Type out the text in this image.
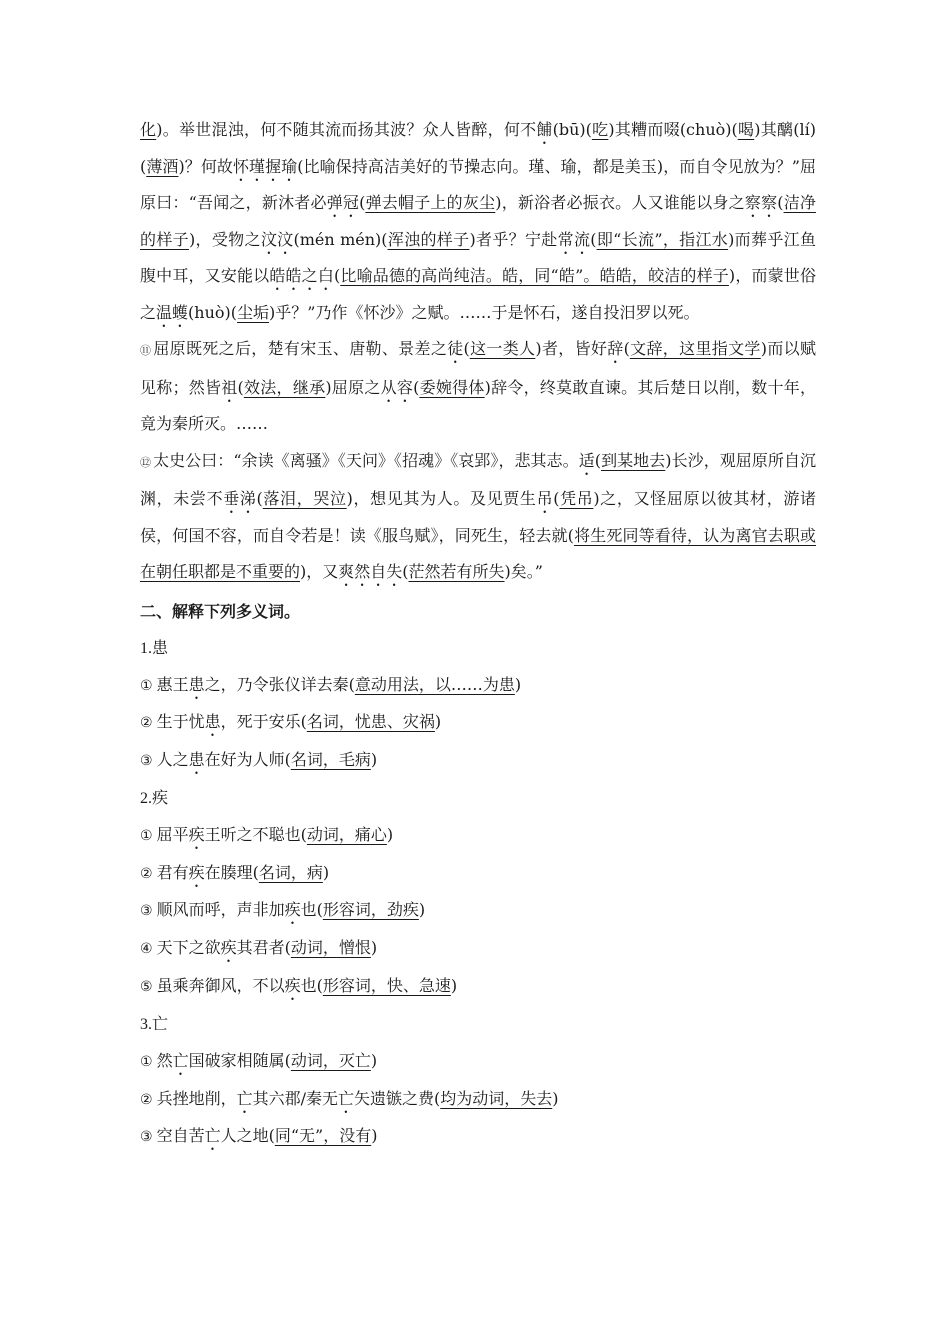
化)。举世混浊，何不随其流而扬其波？众人皆醉，何不餔(bū)(吃)其糟而啜(chuò)(喝)其醨(lí)(薄酒)？何故怀瑾握瑜(比喻保持高洁美好的节操志向。瑾、瑜，都是美玉)，而自令见放为？”屈原曰：“吾闻之，新沐者必弹冠(弹去帽子上的灰尘)，新浴者必振衣。人又谁能以身之察察(洁净的样子)，受物之汶汶(mén mén)(浑浊的样子)者乎？宁赴常流(即“长流”，指江水)而葬乎江鱼腹中耳，又安能以皓皓之白(比喻品德的高尚纯洁。皓，同“皓”。皓皓，皎洁的样子)，而蒙世俗之温蠖(huò)(尘垢)乎？”乃作《怀沙》之赋。……于是怀石，遂自投汨罗以死。

⑪ 屈原既死之后，楚有宋玉、唐勒、景差之徒(这一类人)者，皆好辞(文辞，这里指文学)而以赋见称；然皆祖(效法，继承)屈原之从容(委婉得体)辞令，终莫敢直谏。其后楚日以削，数十年，竟为秦所灭。……

⑫ 太史公曰：“余读《离骚》《天问》《招魂》《哀郢》，悲其志。适(到某地去)长沙，观屈原所自沉渊，未尝不垂涕(落泪，哭泣)，想见其为人。及见贾生吊(凭吊)之，又怪屈原以彼其材，游诸侯，何国不容，而自令若是！读《服鸟赋》，同死生，轻去就(将生死同等看待，认为离官去职或在朝任职都是不重要的)，又爽然自失(茫然若有所失)矣。”

二、解释下列多义词。

1.患

① 惠王患之，乃令张仪详去秦(意动用法，以……为患)

② 生于忧患，死于安乐(名词，忧患、灾祸)

③ 人之患在好为人师(名词，毛病)

2.疾

① 屈平疾王听之不聪也(动词，痛心)

② 君有疾在腠理(名词，病)

③ 顺风而呼，声非加疾也(形容词，劲疾)

④ 天下之欲疾其君者(动词，憎恨)

⑤ 虽乘奔御风，不以疾也(形容词，快、急速)

3.亡

① 然亡国破家相随属(动词，灭亡)

② 兵挫地削，亡其六郡/秦无亡矢遗镞之费(均为动词，失去)

③ 空自苦亡人之地(同“无”，没有)
